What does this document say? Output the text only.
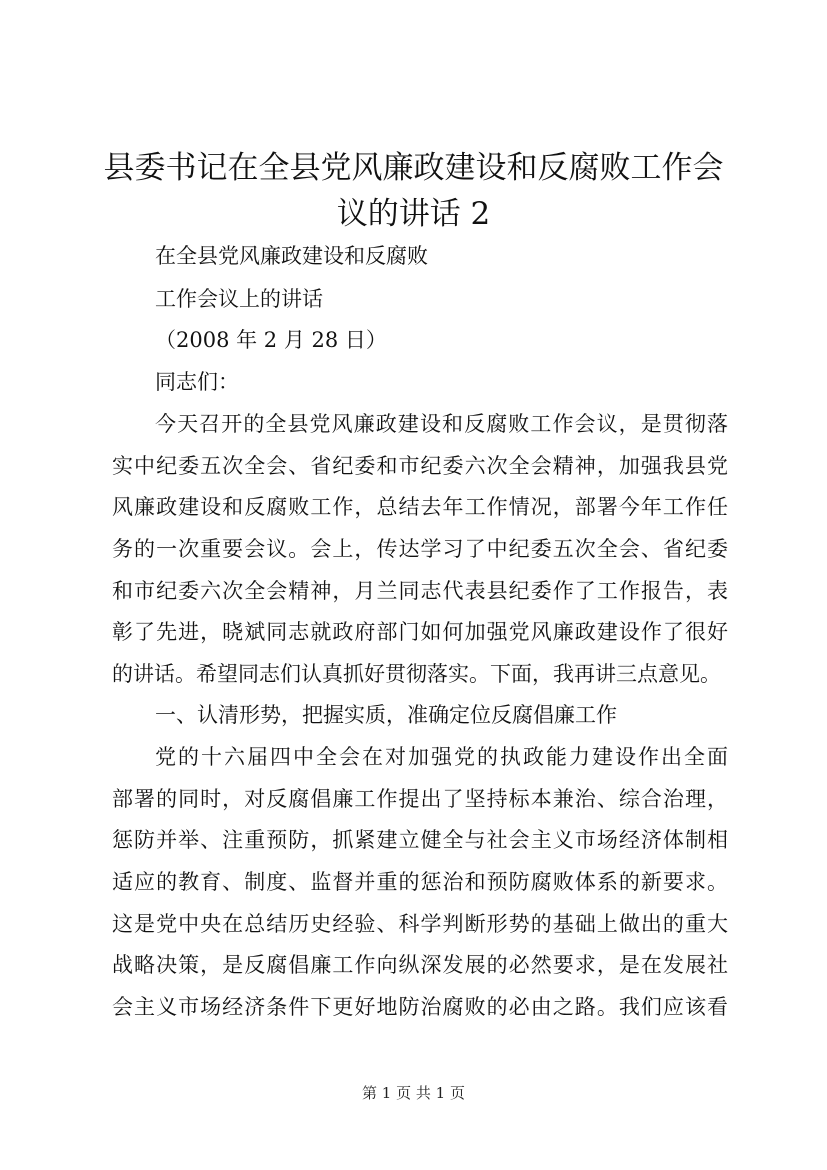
县委书记在全县党风廉政建设和反腐败工作会
议的讲话 2
在全县党风廉政建设和反腐败
工作会议上的讲话
（2008 年 2 月 28 日）
同志们：
今天召开的全县党风廉政建设和反腐败工作会议，是贯彻落
实中纪委五次全会、省纪委和市纪委六次全会精神，加强我县党
风廉政建设和反腐败工作，总结去年工作情况，部署今年工作任
务的一次重要会议。会上，传达学习了中纪委五次全会、省纪委
和市纪委六次全会精神，月兰同志代表县纪委作了工作报告，表
彰了先进，晓斌同志就政府部门如何加强党风廉政建设作了很好
的讲话。希望同志们认真抓好贯彻落实。下面，我再讲三点意见。
一、认清形势，把握实质，准确定位反腐倡廉工作
党的十六届四中全会在对加强党的执政能力建设作出全面
部署的同时，对反腐倡廉工作提出了坚持标本兼治、综合治理，
惩防并举、注重预防，抓紧建立健全与社会主义市场经济体制相
适应的教育、制度、监督并重的惩治和预防腐败体系的新要求。
这是党中央在总结历史经验、科学判断形势的基础上做出的重大
战略决策，是反腐倡廉工作向纵深发展的必然要求，是在发展社
会主义市场经济条件下更好地防治腐败的必由之路。我们应该看
第 1 页 共 1 页
